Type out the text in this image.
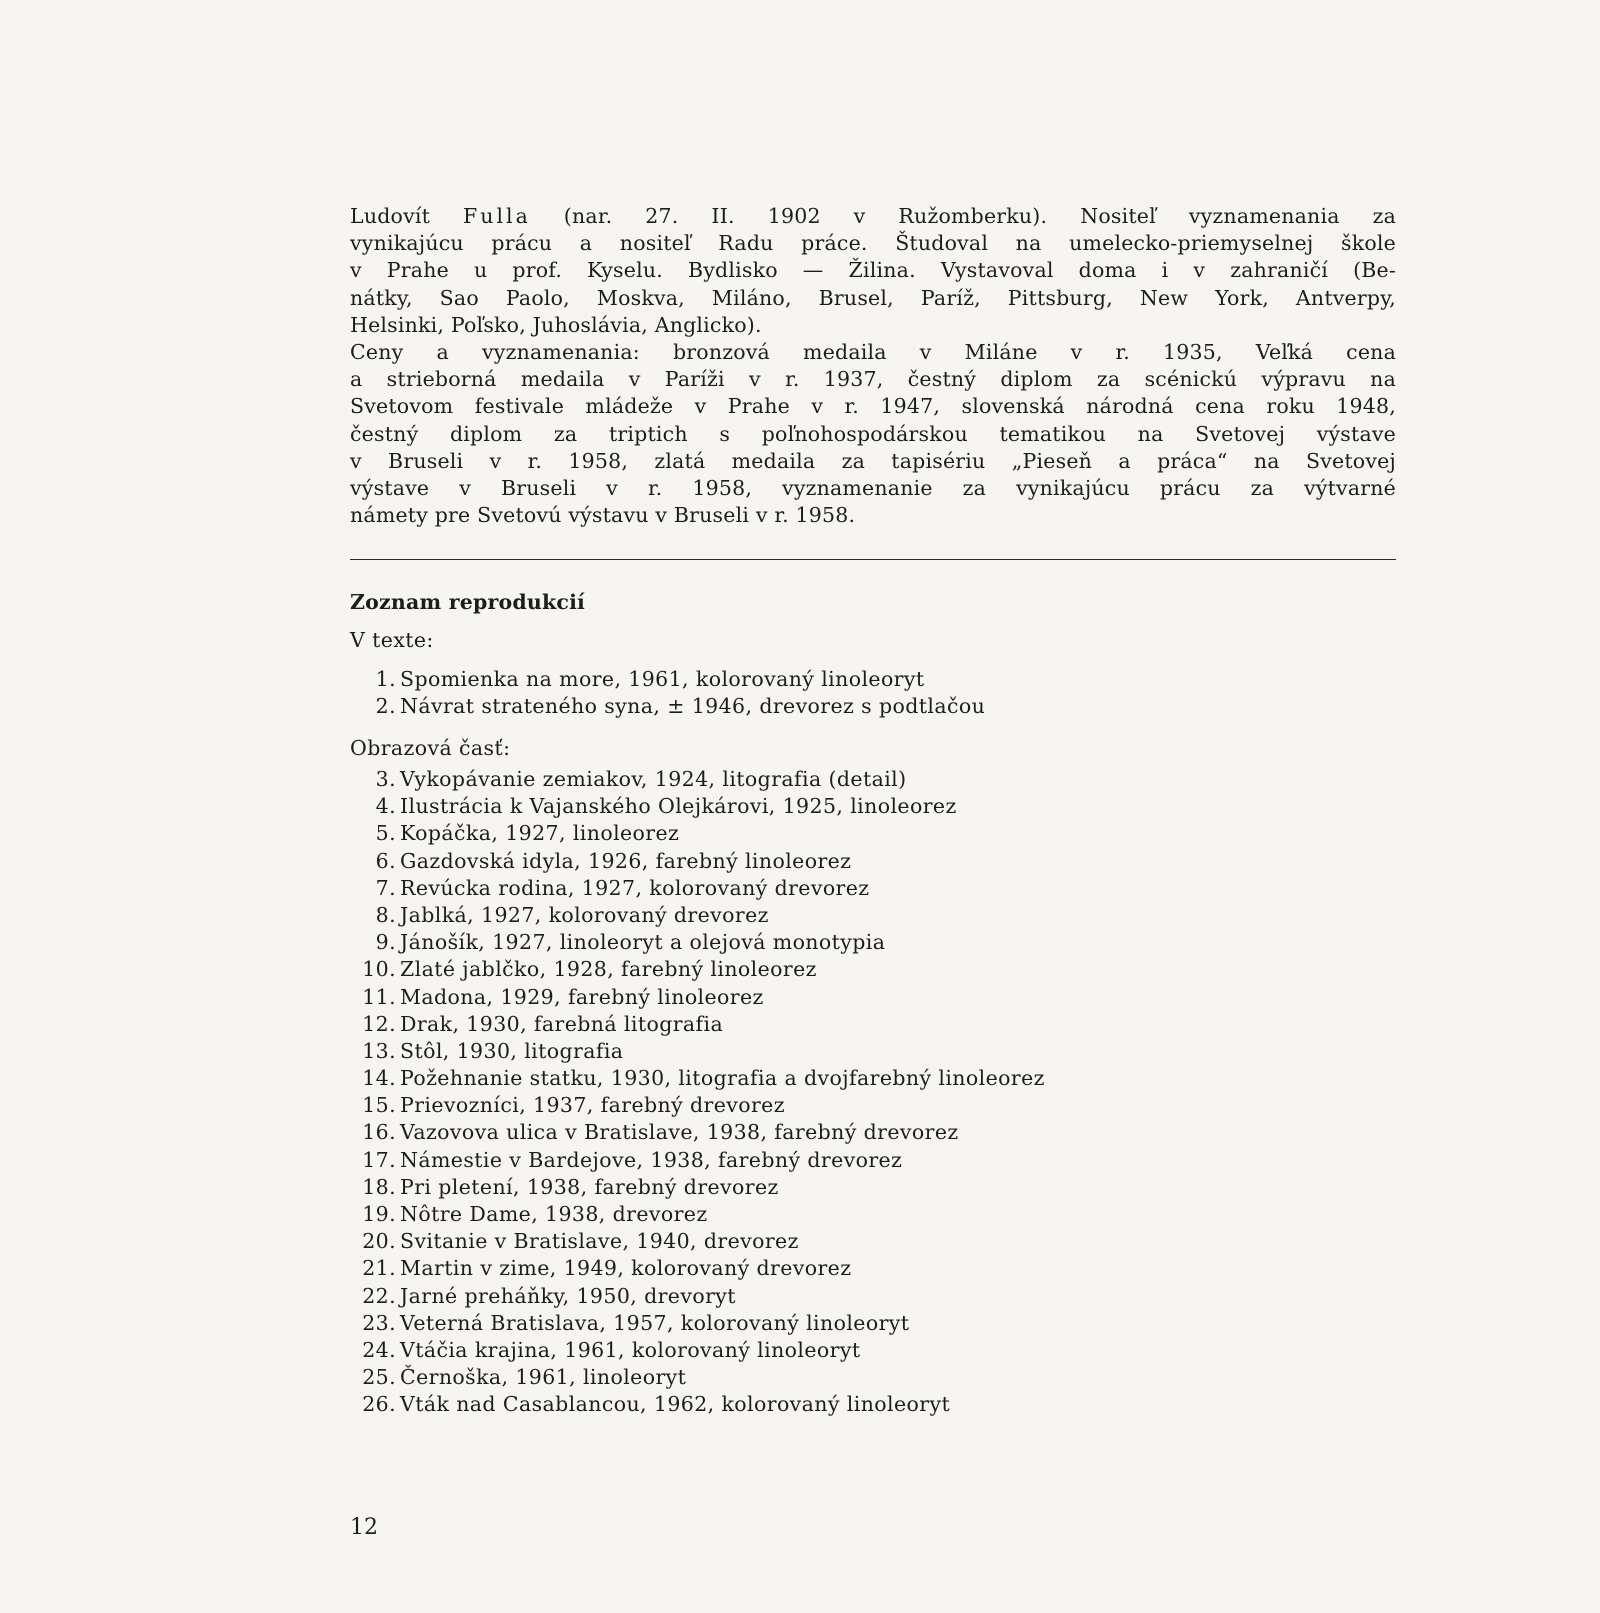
Ludovít Fulla (nar. 27. II. 1902 v Ružomberku). Nositeľ vyznamenania za
vynikajúcu prácu a nositeľ Radu práce. Študoval na umelecko-priemyselnej škole
v Prahe u prof. Kyselu. Bydlisko — Žilina. Vystavoval doma i v zahraničí (Be-
nátky, Sao Paolo, Moskva, Miláno, Brusel, Paríž, Pittsburg, New York, Antverpy,
Helsinki, Poľsko, Juhoslávia, Anglicko).
Ceny a vyznamenania: bronzová medaila v Miláne v r. 1935, Veľká cena
a strieborná medaila v Paríži v r. 1937, čestný diplom za scénickú výpravu na
Svetovom festivale mládeže v Prahe v r. 1947, slovenská národná cena roku 1948,
čestný diplom za triptich s poľnohospodárskou tematikou na Svetovej výstave
v Bruseli v r. 1958, zlatá medaila za tapisériu „Pieseň a práca“ na Svetovej
výstave v Bruseli v r. 1958, vyznamenanie za vynikajúcu prácu za výtvarné
námety pre Svetovú výstavu v Bruseli v r. 1958.
Zoznam reprodukcií
V texte:
1. Spomienka na more, 1961, kolorovaný linoleoryt
2. Návrat strateného syna, ± 1946, drevorez s podtlačou
Obrazová časť:
3. Vykopávanie zemiakov, 1924, litografia (detail)
4. Ilustrácia k Vajanského Olejkárovi, 1925, linoleorez
5. Kopáčka, 1927, linoleorez
6. Gazdovská idyla, 1926, farebný linoleorez
7. Revúcka rodina, 1927, kolorovaný drevorez
8. Jablká, 1927, kolorovaný drevorez
9. Jánošík, 1927, linoleoryt a olejová monotypia
10. Zlaté jablčko, 1928, farebný linoleorez
11. Madona, 1929, farebný linoleorez
12. Drak, 1930, farebná litografia
13. Stôl, 1930, litografia
14. Požehnanie statku, 1930, litografia a dvojfarebný linoleorez
15. Prievozníci, 1937, farebný drevorez
16. Vazovova ulica v Bratislave, 1938, farebný drevorez
17. Námestie v Bardejove, 1938, farebný drevorez
18. Pri pletení, 1938, farebný drevorez
19. Nôtre Dame, 1938, drevorez
20. Svitanie v Bratislave, 1940, drevorez
21. Martin v zime, 1949, kolorovaný drevorez
22. Jarné preháňky, 1950, drevoryt
23. Veterná Bratislava, 1957, kolorovaný linoleoryt
24. Vtáčia krajina, 1961, kolorovaný linoleoryt
25. Černoška, 1961, linoleoryt
26. Vták nad Casablancou, 1962, kolorovaný linoleoryt
12
